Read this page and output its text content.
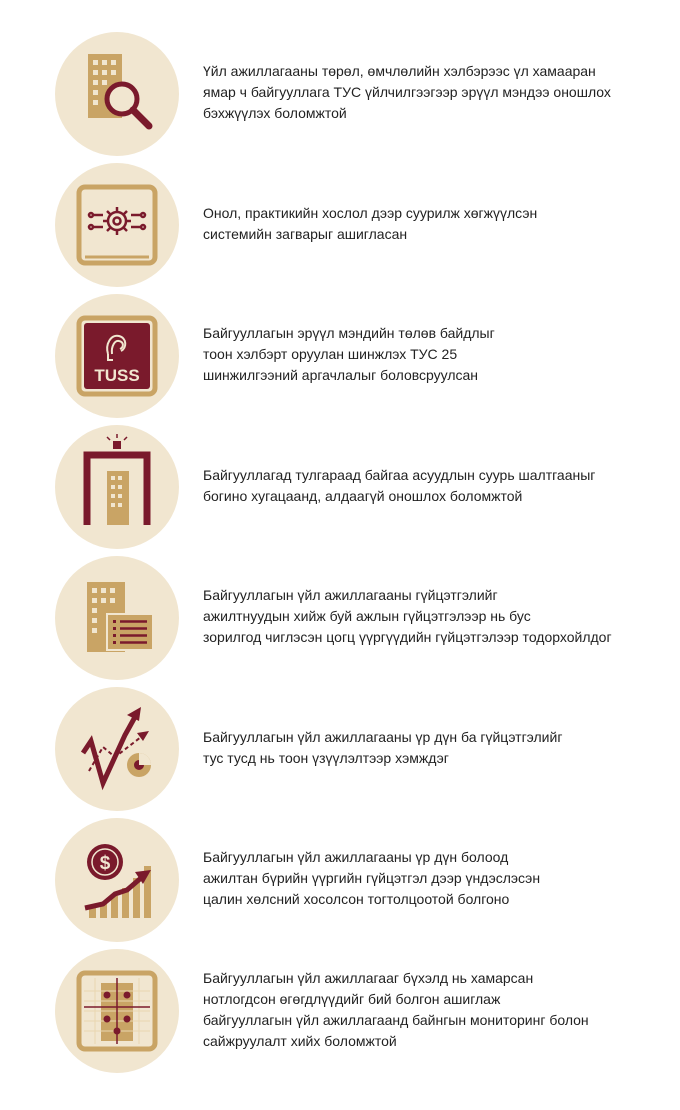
Үйл ажиллагааны төрөл, өмчлөлийн хэлбэрээс үл хамааран
ямар ч байгууллага ТУС үйлчилгээгээр эрүүл мэндээ оношлох
бэхжүүлэх боломжтой
Онол, практикийн хослол дээр суурилж хөгжүүлсэн
системийн загварыг ашигласан
TUSS
Байгууллагын эрүүл мэндийн төлөв байдлыг
тоон хэлбэрт оруулан шинжлэх ТУС 25
шинжилгээний аргачлалыг боловсруулсан
Байгууллагад тулгараад байгаа асуудлын суурь шалтгааныг
богино хугацаанд, алдаагүй оношлох боломжтой
Байгууллагын үйл ажиллагааны гүйцэтгэлийг
ажилтнуудын хийж буй ажлын гүйцэтгэлээр нь бус
зорилгод чиглэсэн цогц үүргүүдийн гүйцэтгэлээр тодорхойлдог
Байгууллагын үйл ажиллагааны үр дүн ба гүйцэтгэлийг
тус тусд нь тоон үзүүлэлтээр хэмждэг
$	Байгууллагын үйл ажиллагааны үр дүн болоод
ажилтан бүрийн үүргийн гүйцэтгэл дээр үндэслэсэн
цалин хөлсний хосолсон тогтолцоотой болгоно
Байгууллагын үйл ажиллагааг бүхэлд нь хамарсан
нотлогдсон өгөгдлүүдийг бий болгон ашиглаж
байгууллагын үйл ажиллагаанд байнгын мониторинг болон
сайжруулалт хийх боломжтой
